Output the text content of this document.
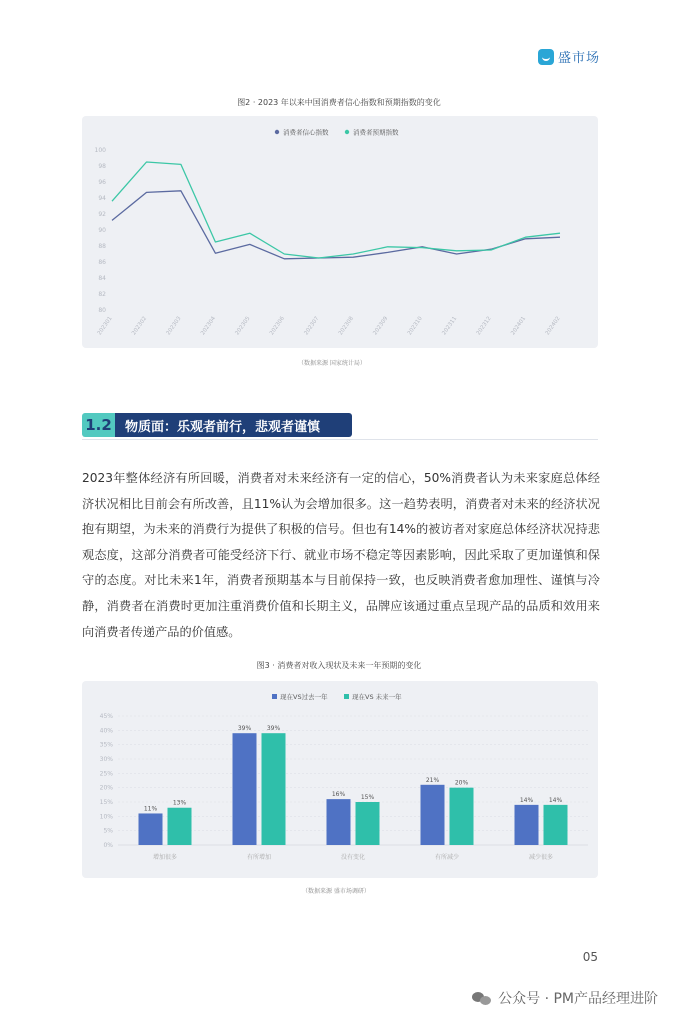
盛市场
图2 · 2023 年以来中国消费者信心指数和预期指数的变化
消费者信心指数	消费者预期指数
80
82
84
86
88
90
92
94
96
98
100
202301	202302	202303	202304	202305	202306	202307	202308	202309	202310	202311	202312	202401	202402
（数据来源 国家统计局）
1.2	物质面：乐观者前行，悲观者谨慎

2023年整体经济有所回暖，消费者对未来经济有一定的信心，50%消费者认为未来家庭总体经济状况相比目前会有所改善，且11%认为会增加很多。这一趋势表明，消费者对未来的经济状况抱有期望，为未来的消费行为提供了积极的信号。但也有14%的被访者对家庭总体经济状况持悲观态度，这部分消费者可能受经济下行、就业市场不稳定等因素影响，因此采取了更加谨慎和保守的态度。对比未来1年，消费者预期基本与目前保持一致，也反映消费者愈加理性、谨慎与冷静，消费者在消费时更加注重消费价值和长期主义，品牌应该通过重点呈现产品的品质和效用来向消费者传递产品的价值感。

图3 · 消费者对收入现状及未来一年预期的变化
现在VS过去一年	现在VS 未来一年
0%
5%
10%
15%
20%
25%
30%
35%
40%
45%
11%
13%
增加很多
39%	39%
有所增加
16%	15%
没有变化
21%	20%
有所减少
14%	14%
减少很多
（数据来源 盛市场调研）
05
公众号 · PM产品经理进阶
